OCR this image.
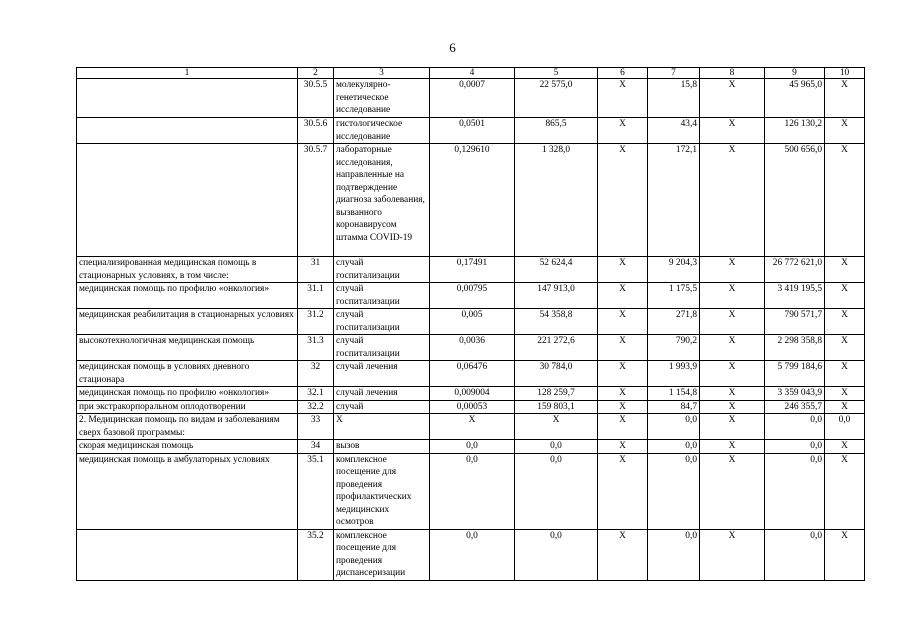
6
1	2	3	4	5	6	7	8	9	10
	30.5.5	молекулярно-генетическое исследование	0,0007	22 575,0	X	15,8	X	45 965,0	X
	30.5.6	гистологическое исследование	0,0501	865,5	X	43,4	X	126 130,2	X
	30.5.7	лабораторные исследования, направленные на подтверждение диагноза заболевания, вызванного коронавирусом штамма COVID-19	0,129610	1 328,0	X	172,1	X	500 656,0	X
специализированная медицинская помощь в стационарных условиях, в том числе:	31	случай госпитализации	0,17491	52 624,4	X	9 204,3	X	26 772 621,0	X
медицинская помощь по профилю «онкология»	31.1	случай госпитализации	0,00795	147 913,0	X	1 175,5	X	3 419 195,5	X
медицинская реабилитация в стационарных условиях	31.2	случай госпитализации	0,005	54 358,8	X	271,8	X	790 571,7	X
высокотехнологичная медицинская помощь	31.3	случай госпитализации	0,0036	221 272,6	X	790,2	X	2 298 358,8	X
медицинская помощь в условиях дневного стационара	32	случай лечения	0,06476	30 784,0	X	1 993,9	X	5 799 184,6	X
медицинская помощь по профилю «онкология»	32.1	случай лечения	0,009004	128 259,7	X	1 154,8	X	3 359 043,9	X
при экстракорпоральном оплодотворении	32.2	случай	0,00053	159 803,1	X	84,7	X	246 355,7	X
2. Медицинская помощь по видам и заболеваниям сверх базовой программы:	33	X	X	X	X	0,0	X	0,0	0,0
скорая медицинская помощь	34	вызов	0,0	0,0	X	0,0	X	0,0	X
медицинская помощь в амбулаторных условиях	35.1	комплексное посещение для проведения профилактических медицинских осмотров	0,0	0,0	X	0,0	X	0,0	X
	35.2	комплексное посещение для проведения диспансеризации	0,0	0,0	X	0,0	X	0,0	X
